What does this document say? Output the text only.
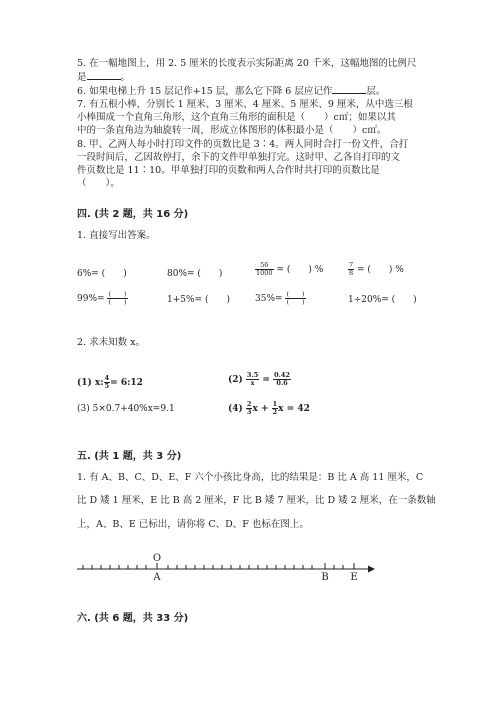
5. 在一幅地图上，用 2. 5 厘米的长度表示实际距离 20 千米，这幅地图的比例尺
是	。
6. 如果电梯上升 15 层记作+15 层，那么它下降 6 层应记作	层。
7. 有五根小棒，分别长 1 厘米、3 厘米、4 厘米、5 厘米、9 厘米，从中选三根
小棒围成一个直角三角形，这个直角三角形的面积是（　　）c㎡；如果以其
中的一条直角边为轴旋转一周，形成立体图形的体积最小是（　　）c㎡。
8. 甲、乙两人每小时打印文件的页数比是 3∶4。两人同时合打一份文件，合打
一段时间后，乙因故停打，余下的文件甲单独打完。这时甲、乙各自打印的文
件页数比是 11∶10。甲单独打印的页数和两人合作时共打印的页数比是
（　　）。
四. (共 2 题，共 16 分)
1. 直接写出答案。
6%= (　　)	80%= (　　)	$\frac{56}{1000}$ = (　　) %	$\frac{7}{8}$ = (　　) %
$99\%= \frac{( )}{( )}$	1+5%= (　　)	$35\%= \frac{( )}{( )}$	1÷20%= (　　)
2. 求未知数 x。
(1) x: $\frac{4}{5}$ = 6:12	$(2) \frac{3.5}{x} = \frac{0.42}{0.6}$
(3) 5×0.7+40%x=9.1	$(4) \frac{2}{3}$ $x + \frac{1}{2}$ x = 42
五. (共 1 题，共 3 分)
1. 有 A、B、C、D、E、F 六个小孩比身高，比的结果是：B 比 A 高 11 厘米，C
比 D 矮 1 厘米，E 比 B 高 2 厘米，F 比 B 矮 7 厘米，比 D 矮 2 厘米，在一条数轴
上，A、B、E 已标出，请你将 C、D、F 也标在图上。
O
A	B E
六. (共 6 题，共 33 分)
